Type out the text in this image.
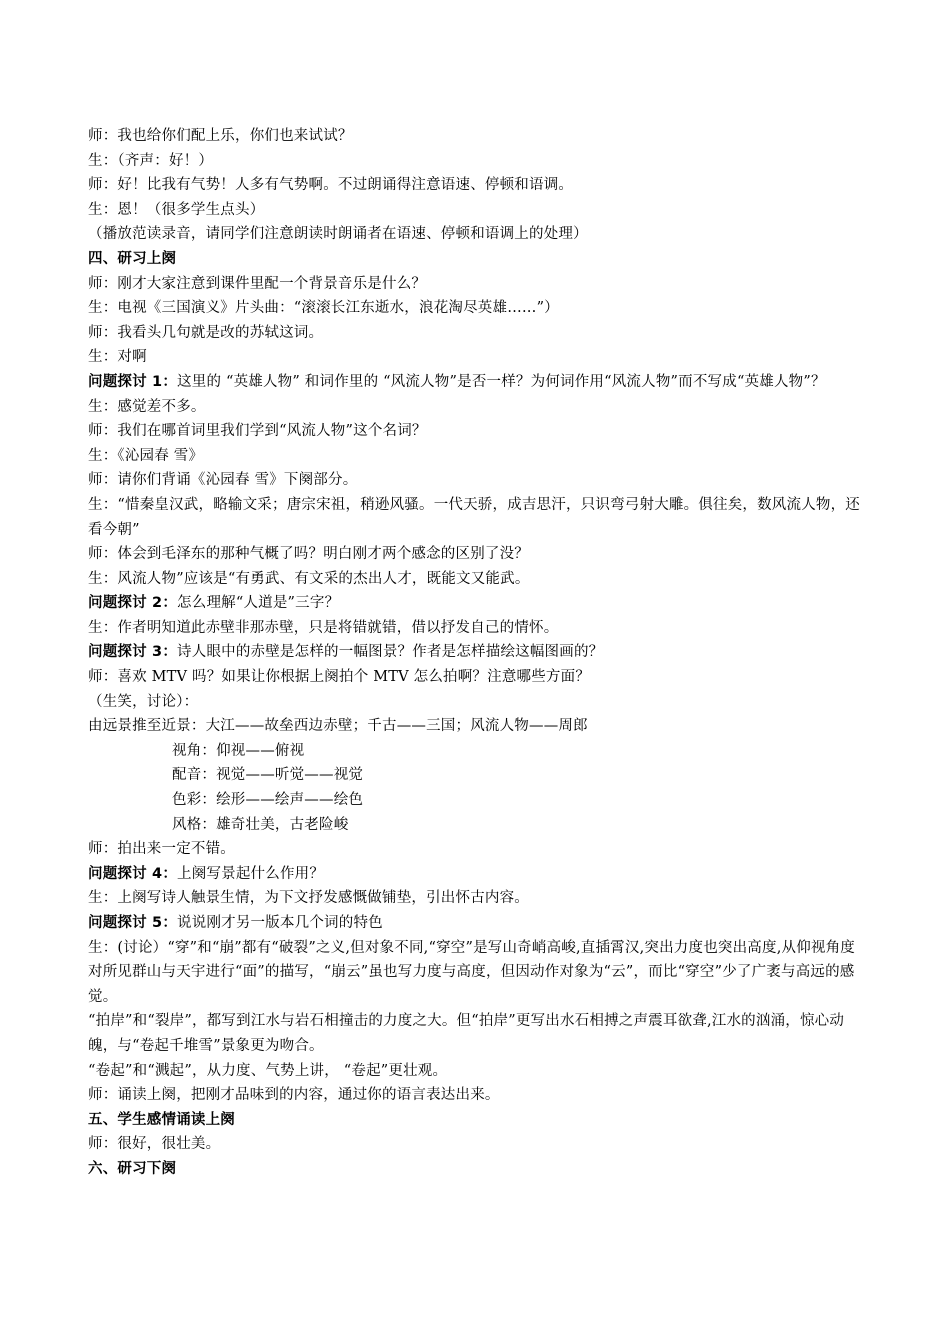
师：我也给你们配上乐，你们也来试试？
生：（齐声：好！）
师：好！比我有气势！人多有气势啊。不过朗诵得注意语速、停顿和语调。
生：恩！（很多学生点头）
（播放范读录音，请同学们注意朗读时朗诵者在语速、停顿和语调上的处理）
四、研习上阕
师：刚才大家注意到课件里配一个背景音乐是什么？
生：电视《三国演义》片头曲：“滚滚长江东逝水，浪花淘尽英雄……”）
师：我看头几句就是改的苏轼这词。
生：对啊
问题探讨 1：这里的 “英雄人物” 和词作里的 “风流人物”是否一样？为何词作用“风流人物”而不写成“英雄人物”？
生：感觉差不多。
师：我们在哪首词里我们学到“风流人物”这个名词？
生：《沁园春 雪》
师：请你们背诵《沁园春 雪》下阕部分。
生：“惜秦皇汉武，略输文采；唐宗宋祖，稍逊风骚。一代天骄，成吉思汗，只识弯弓射大雕。俱往矣，数风流人物，还看今朝”
师：体会到毛泽东的那种气概了吗？明白刚才两个感念的区别了没？
生：风流人物”应该是“有勇武、有文采的杰出人才，既能文又能武。
问题探讨 2：怎么理解“人道是”三字？
生：作者明知道此赤壁非那赤壁，只是将错就错，借以抒发自己的情怀。
问题探讨 3：诗人眼中的赤壁是怎样的一幅图景？作者是怎样描绘这幅图画的？
师：喜欢 MTV 吗？如果让你根据上阕拍个 MTV 怎么拍啊？注意哪些方面？
（生笑，讨论）：
由远景推至近景：大江——故垒西边赤壁；千古——三国；风流人物——周郎
视角：仰视——俯视
配音：视觉——听觉——视觉
色彩：绘形——绘声——绘色
风格：雄奇壮美，古老险峻
师：拍出来一定不错。
问题探讨 4：上阕写景起什么作用？
生：上阕写诗人触景生情，为下文抒发感慨做铺垫，引出怀古内容。
问题探讨 5：说说刚才另一版本几个词的特色
生：(讨论）“穿”和“崩”都有“破裂”之义,但对象不同,“穿空”是写山奇峭高峻,直插霄汉,突出力度也突出高度,从仰视角度对所见群山与天宇进行“面”的描写，“崩云”虽也写力度与高度，但因动作对象为“云”，而比“穿空”少了广袤与高远的感觉。
“拍岸”和“裂岸”，都写到江水与岩石相撞击的力度之大。但“拍岸”更写出水石相搏之声震耳欲聋,江水的汹涌，惊心动魄，与“卷起千堆雪”景象更为吻合。
“卷起”和“溅起”，从力度、气势上讲， “卷起”更壮观。
师：诵读上阕，把刚才品味到的内容，通过你的语言表达出来。
五、学生感情诵读上阕
师：很好，很壮美。
六、研习下阕
